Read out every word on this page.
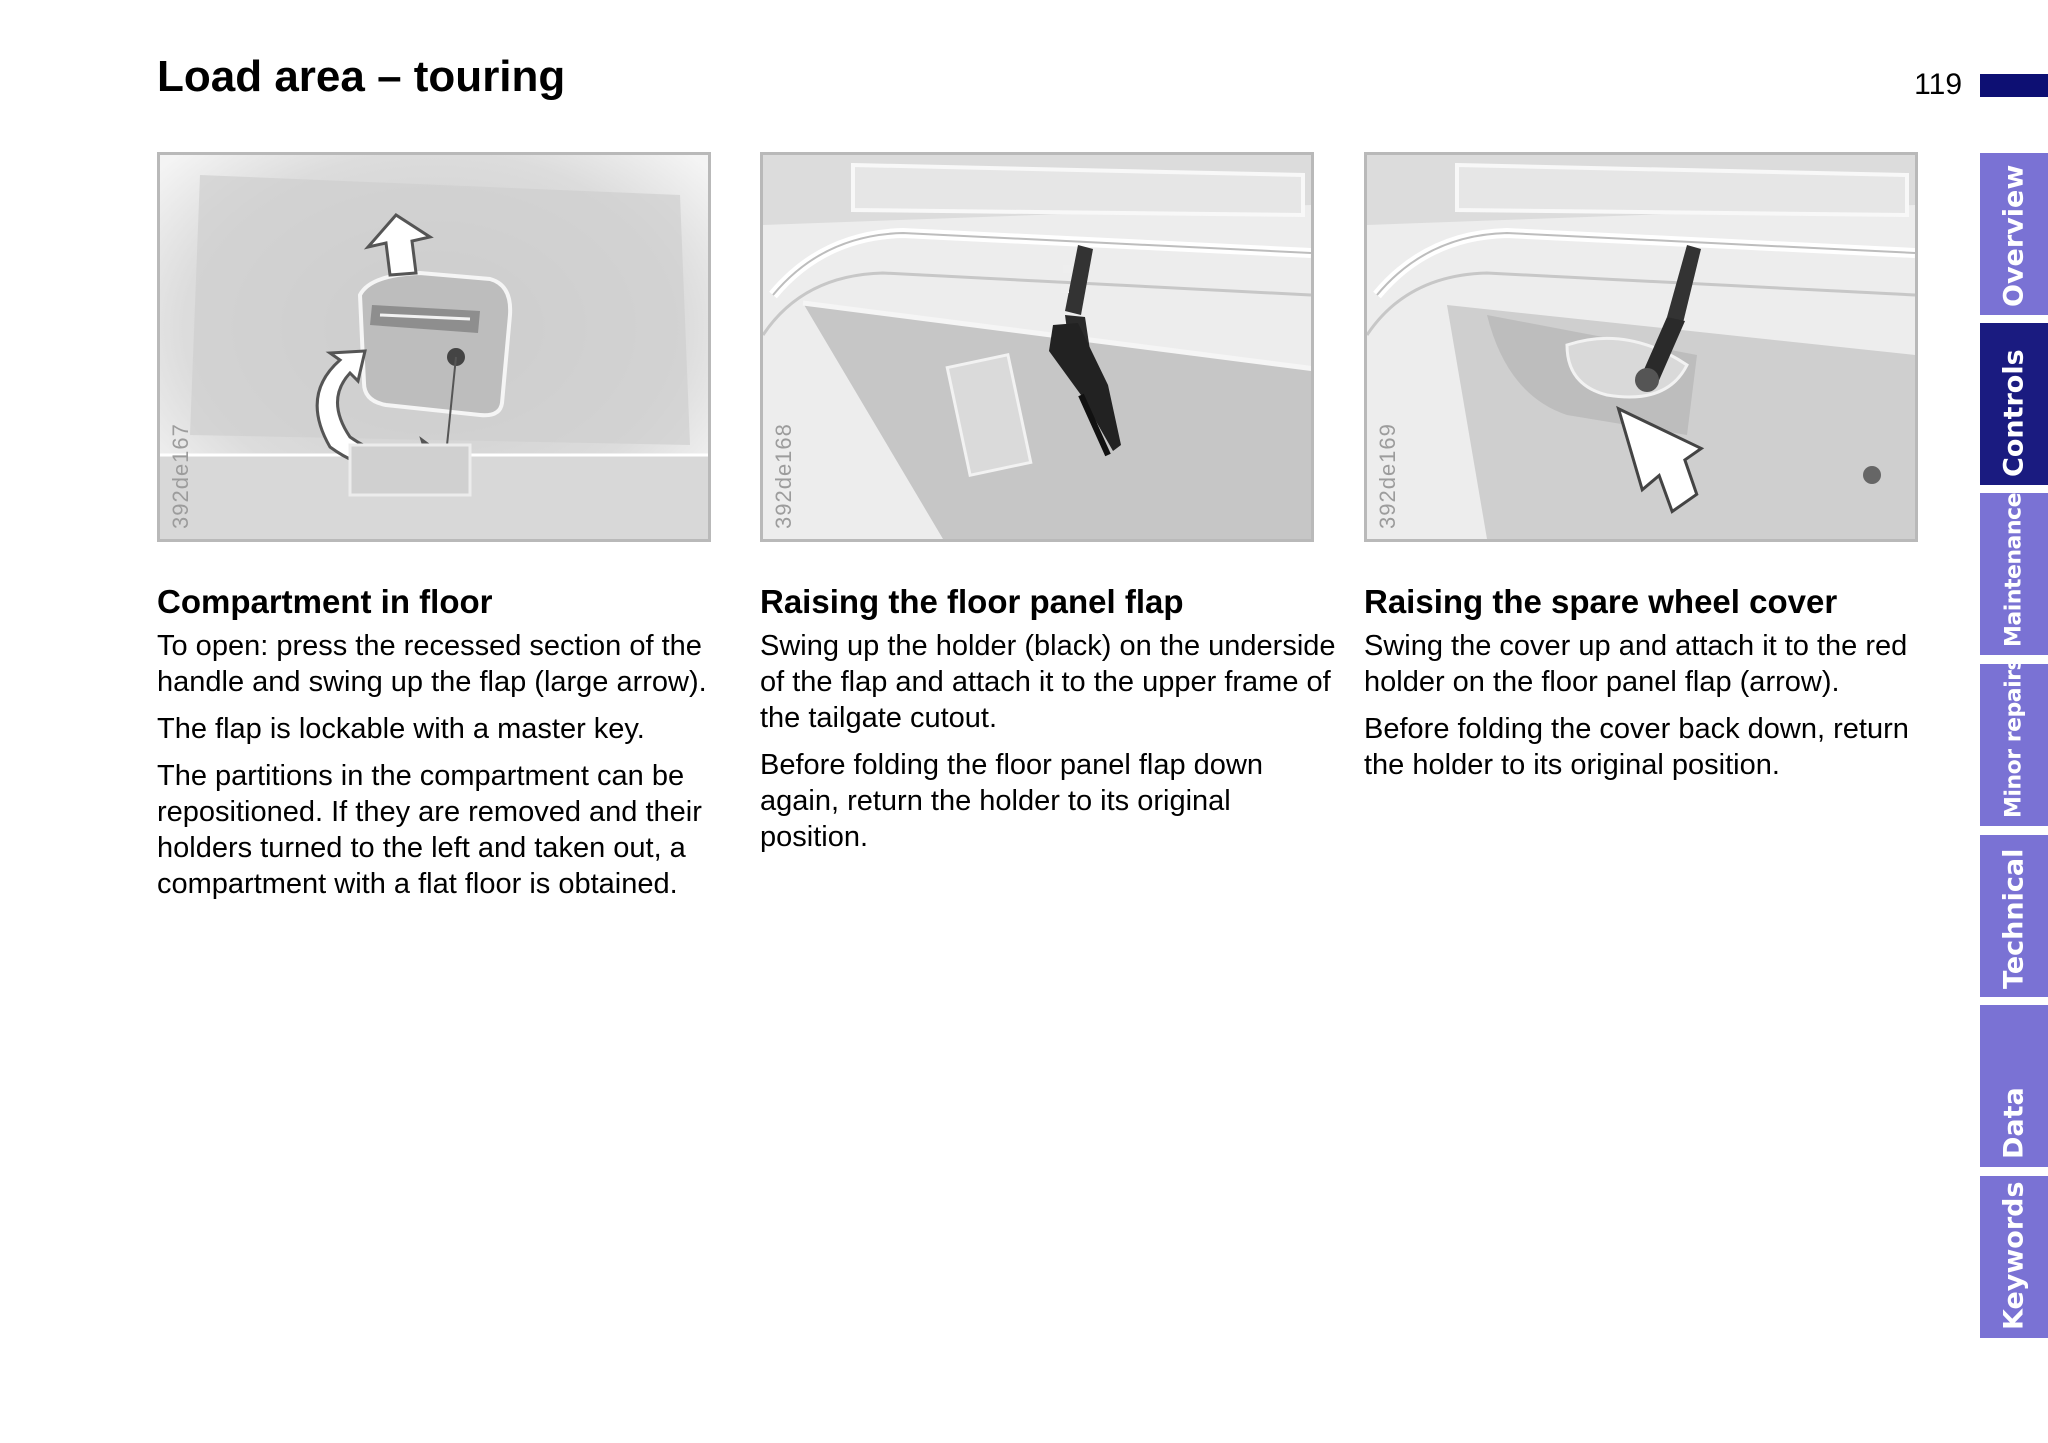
Load area – touring	119
392de167	392de168	392de169
Compartment in floor

To open: press the recessed section of the handle and swing up the flap (large arrow).

The flap is lockable with a master key.

The partitions in the compartment can be repositioned. If they are removed and their holders turned to the left and taken out, a compartment with a flat floor is obtained.

Raising the floor panel flap

Swing up the holder (black) on the underside of the flap and attach it to the upper frame of the tailgate cutout.

Before folding the floor panel flap down again, return the holder to its original position.

Raising the spare wheel cover

Swing the cover up and attach it to the red holder on the floor panel flap (arrow).

Before folding the cover back down, return the holder to its original position.

Overview
Controls
Maintenance
Minor repairs
Technical
Data
Keywords
